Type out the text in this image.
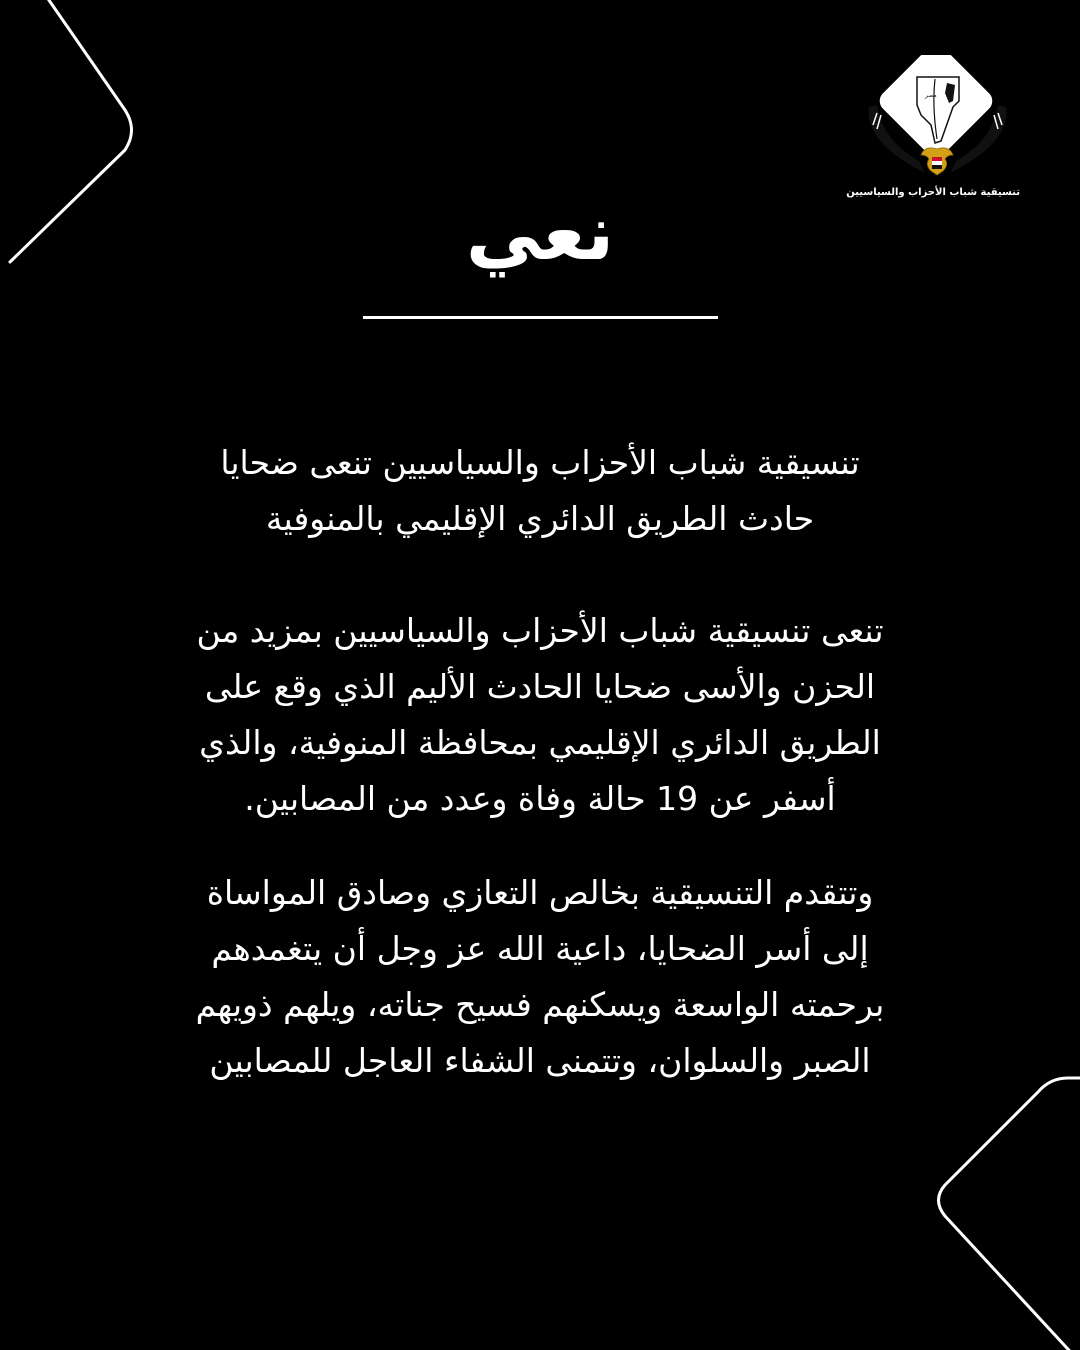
مصر
تنسيقية شباب الأحزاب والسياسيين
نعي
تنسيقية شباب الأحزاب والسياسيين تنعى ضحايا
حادث الطريق الدائري الإقليمي بالمنوفية
تنعى تنسيقية شباب الأحزاب والسياسيين بمزيد من
الحزن والأسى ضحايا الحادث الأليم الذي وقع على
الطريق الدائري الإقليمي بمحافظة المنوفية، والذي
أسفر عن 19 حالة وفاة وعدد من المصابين.
وتتقدم التنسيقية بخالص التعازي وصادق المواساة
إلى أسر الضحايا، داعية الله عز وجل أن يتغمدهم
برحمته الواسعة ويسكنهم فسيح جناته، ويلهم ذويهم
الصبر والسلوان، وتتمنى الشفاء العاجل للمصابين
